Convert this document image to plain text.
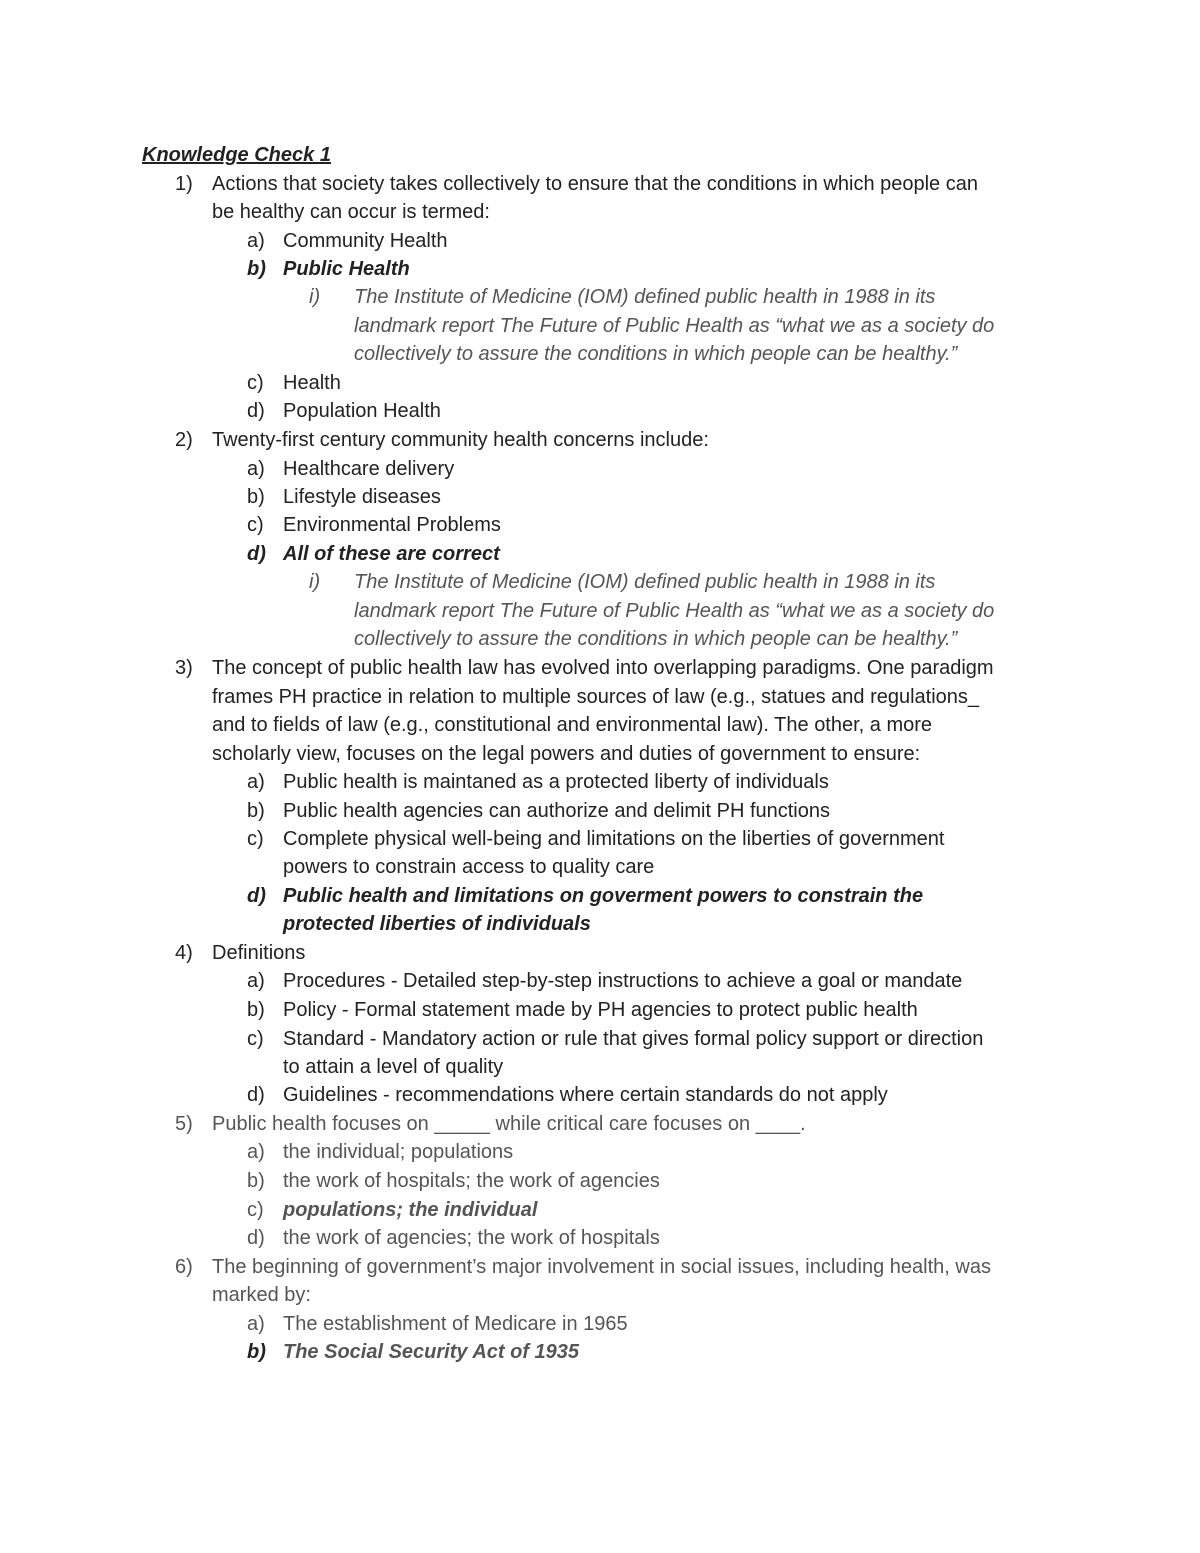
Knowledge Check 1
1) Actions that society takes collectively to ensure that the conditions in which people can
be healthy can occur is termed:
a) Community Health
b) Public Health
i) The Institute of Medicine (IOM) defined public health in 1988 in its
landmark report The Future of Public Health as “what we as a society do
collectively to assure the conditions in which people can be healthy.”
c) Health
d) Population Health
2) Twenty-first century community health concerns include:
a) Healthcare delivery
b) Lifestyle diseases
c) Environmental Problems
d) All of these are correct
i) The Institute of Medicine (IOM) defined public health in 1988 in its
landmark report The Future of Public Health as “what we as a society do
collectively to assure the conditions in which people can be healthy.”
3) The concept of public health law has evolved into overlapping paradigms. One paradigm
frames PH practice in relation to multiple sources of law (e.g., statues and regulations_
and to fields of law (e.g., constitutional and environmental law). The other, a more
scholarly view, focuses on the legal powers and duties of government to ensure:
a) Public health is maintaned as a protected liberty of individuals
b) Public health agencies can authorize and delimit PH functions
c) Complete physical well-being and limitations on the liberties of government
powers to constrain access to quality care
d) Public health and limitations on goverment powers to constrain the
protected liberties of individuals
4) Definitions
a) Procedures - Detailed step-by-step instructions to achieve a goal or mandate
b) Policy - Formal statement made by PH agencies to protect public health
c) Standard - Mandatory action or rule that gives formal policy support or direction
to attain a level of quality
d) Guidelines - recommendations where certain standards do not apply
5) Public health focuses on _____ while critical care focuses on ____.
a) the individual; populations
b) the work of hospitals; the work of agencies
c) populations; the individual
d) the work of agencies; the work of hospitals
6) The beginning of government’s major involvement in social issues, including health, was
marked by:
a) The establishment of Medicare in 1965
b) The Social Security Act of 1935
